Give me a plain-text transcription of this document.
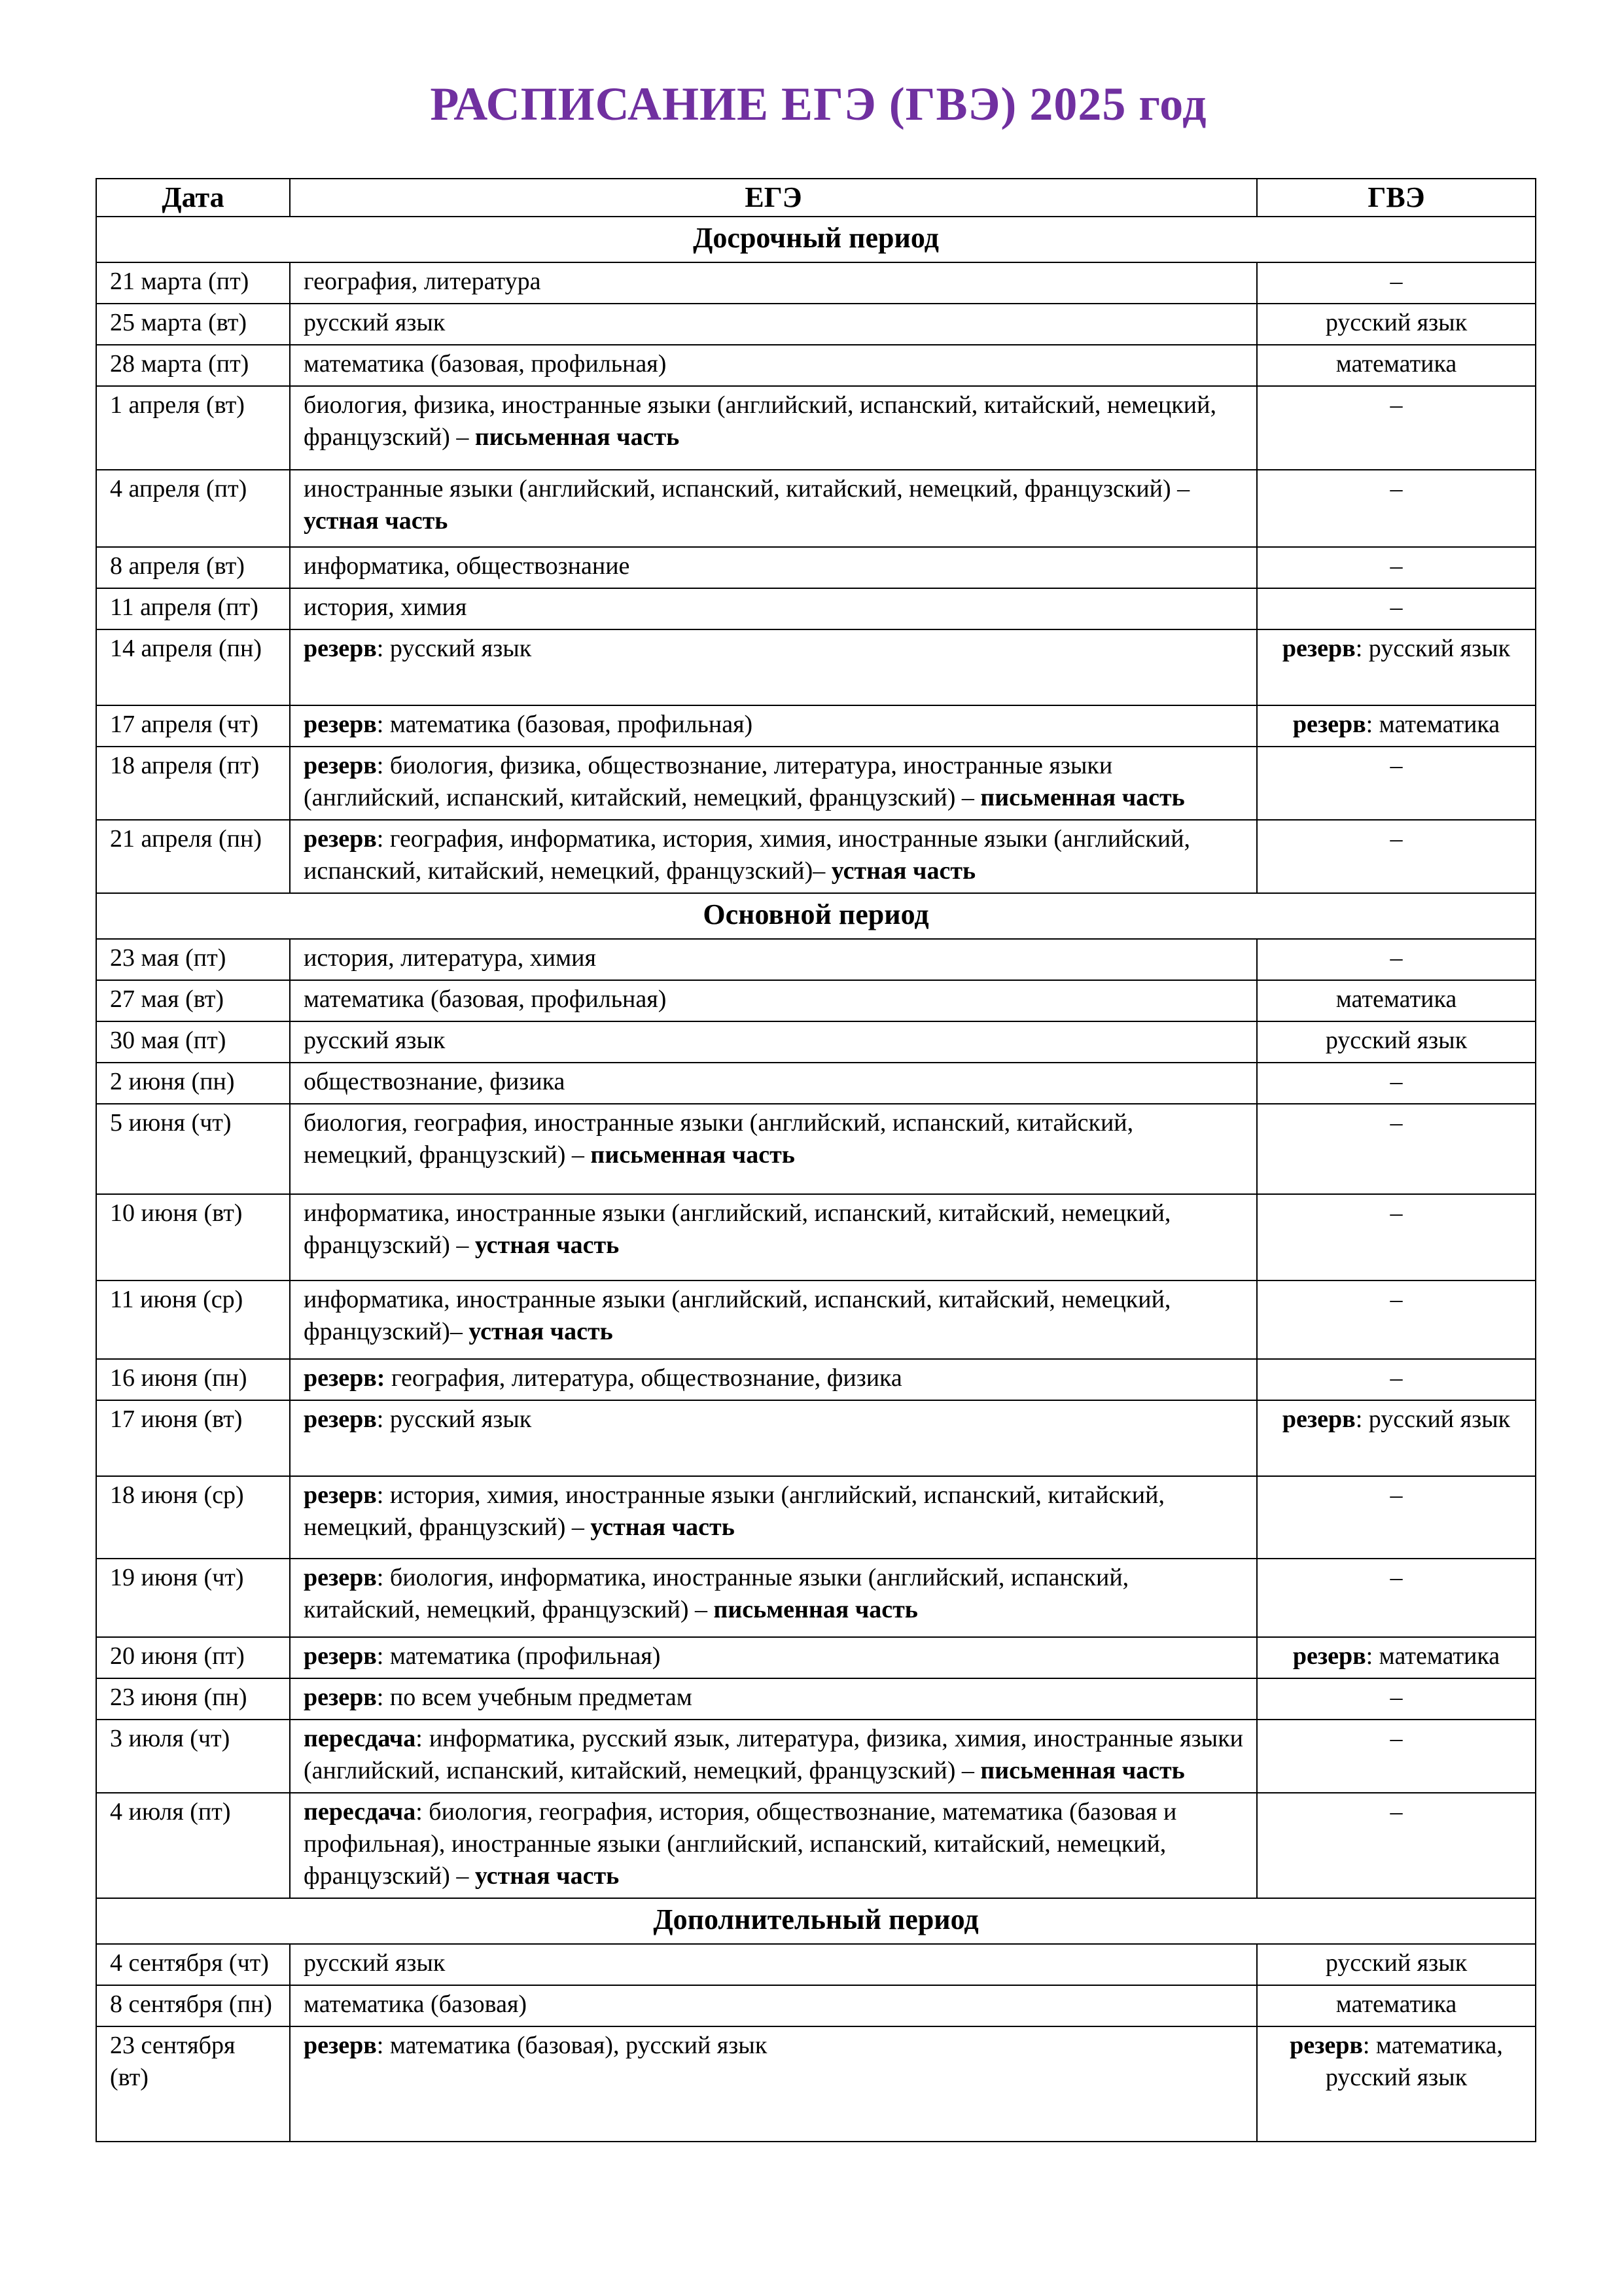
РАСПИСАНИЕ ЕГЭ (ГВЭ) 2025 год
Дата	ЕГЭ	ГВЭ
Досрочный период		
21 марта (пт)	география, литература	–
25 марта (вт)	русский язык	русский язык
28 марта (пт)	математика (базовая, профильная)	математика
1 апреля (вт)	биология, физика, иностранные языки (английский, испанский, китайский, немецкий, французский) – письменная часть	–
4 апреля (пт)	иностранные языки (английский, испанский, китайский, немецкий, французский) – устная часть	–
8 апреля (вт)	информатика, обществознание	–
11 апреля (пт)	история, химия	–
14 апреля (пн)	резерв: русский язык	резерв: русский язык
17 апреля (чт)	резерв: математика (базовая, профильная)	резерв: математика
18 апреля (пт)	резерв: биология, физика, обществознание, литература, иностранные языки (английский, испанский, китайский, немецкий, французский) – письменная часть	–
21 апреля (пн)	резерв: география, информатика, история, химия, иностранные языки (английский, испанский, китайский, немецкий, французский)– устная часть	–
Основной период		
23 мая (пт)	история, литература, химия	–
27 мая (вт)	математика (базовая, профильная)	математика
30 мая (пт)	русский язык	русский язык
2 июня (пн)	обществознание, физика	–
5 июня (чт)	биология, география, иностранные языки (английский, испанский, китайский, немецкий, французский) – письменная часть	–
10 июня (вт)	информатика, иностранные языки (английский, испанский, китайский, немецкий, французский) – устная часть	–
11 июня (ср)	информатика, иностранные языки (английский, испанский, китайский, немецкий, французский)– устная часть	–
16 июня (пн)	резерв: география, литература, обществознание, физика	–
17 июня (вт)	резерв: русский язык	резерв: русский язык
18 июня (ср)	резерв: история, химия, иностранные языки (английский, испанский, китайский, немецкий, французский) – устная часть	–
19 июня (чт)	резерв: биология, информатика, иностранные языки (английский, испанский, китайский, немецкий, французский) – письменная часть	–
20 июня (пт)	резерв: математика (профильная)	резерв: математика
23 июня (пн)	резерв: по всем учебным предметам	–
3 июля (чт)	пересдача: информатика, русский язык, литература, физика, химия, иностранные языки (английский, испанский, китайский, немецкий, французский) – письменная часть	–
4 июля (пт)	пересдача: биология, география, история, обществознание, математика (базовая и профильная), иностранные языки (английский, испанский, китайский, немецкий, французский) – устная часть	–
Дополнительный период		
4 сентября (чт)	русский язык	русский язык
8 сентября (пн)	математика (базовая)	математика
23 сентября (вт)	резерв: математика (базовая), русский язык	резерв: математика, русский язык
